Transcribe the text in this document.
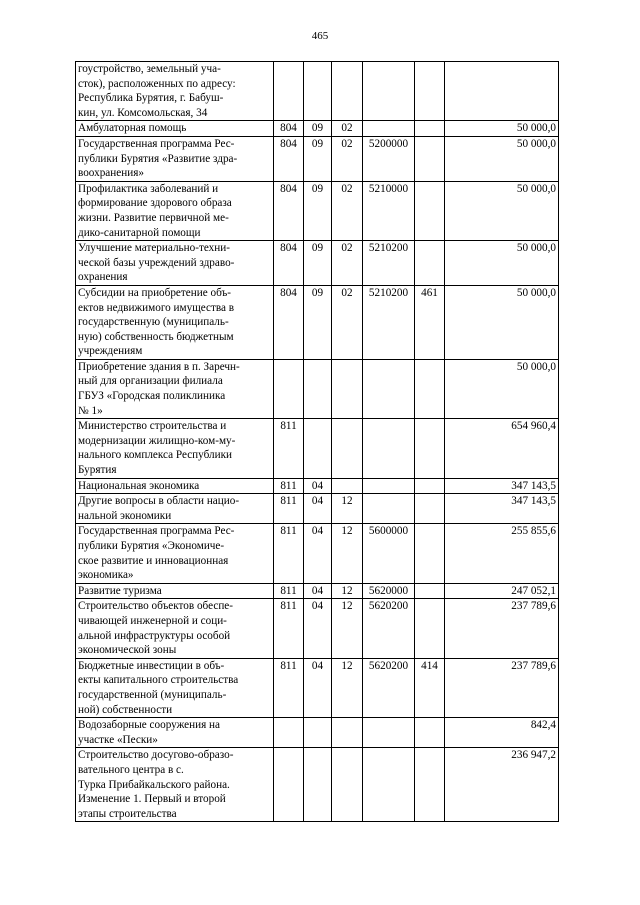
465
гоустройство, земельный уча-
сток), расположенных по адресу:
Республика Бурятия, г. Бабуш-
кин, ул. Комсомольская, 34						

Амбулаторная помощь	804	09	02			50 000,0

Государственная программа Рес-
публики Бурятия «Развитие здра-
воохранения»	804	09	02	5200000		50 000,0

Профилактика заболеваний и
формирование здорового образа
жизни. Развитие первичной ме-
дико-санитарной помощи	804	09	02	5210000		50 000,0

Улучшение материально-техни-
ческой базы учреждений здраво-
охранения	804	09	02	5210200		50 000,0

Субсидии на приобретение объ-
ектов недвижимого имущества в
государственную (муниципаль-
ную) собственность бюджетным
учреждениям	804	09	02	5210200	461	50 000,0

Приобретение здания в п. Заречн-
ный для организации филиала
ГБУЗ «Городская поликлиника
№ 1»						50 000,0

Министерство строительства и
модернизации жилищно-ком-му-
нального комплекса Республики
Бурятия	811					654 960,4

Национальная экономика	811	04				347 143,5

Другие вопросы в области нацио-
нальной экономики	811	04	12			347 143,5

Государственная программа Рес-
публики Бурятия «Экономиче-
ское развитие и инновационная
экономика»	811	04	12	5600000		255 855,6

Развитие туризма	811	04	12	5620000		247 052,1

Строительство объектов обеспе-
чивающей инженерной и соци-
альной инфраструктуры особой
экономической зоны	811	04	12	5620200		237 789,6

Бюджетные инвестиции в объ-
екты капитального строительства
государственной (муниципаль-
ной) собственности	811	04	12	5620200	414	237 789,6

Водозаборные сооружения на
участке «Пески»						842,4

Строительство досугово-образо-
вательного центра в с.
Турка Прибайкальского района.
Изменение 1. Первый и второй
этапы строительства						236 947,2
